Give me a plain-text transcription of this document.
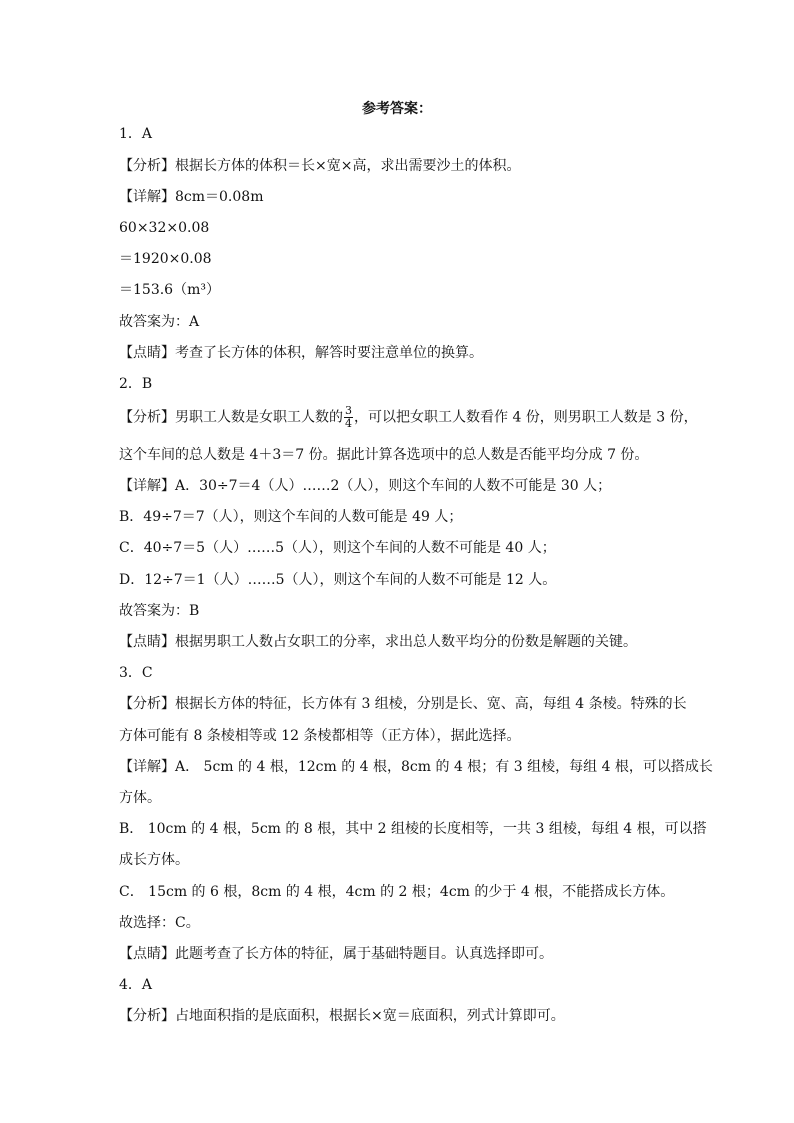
参考答案：
1．A
【分析】根据长方体的体积＝长×宽×高，求出需要沙土的体积。
【详解】8cm＝0.08m
60×32×0.08
＝1920×0.08
＝153.6（m³）
故答案为：A
【点睛】考查了长方体的体积，解答时要注意单位的换算。
2．B
【分析】男职工人数是女职工人数的 $\frac{3}{4}$ ，可以把女职工人数看作 4 份，则男职工人数是 3 份，
这个车间的总人数是 4＋3＝7 份。据此计算各选项中的总人数是否能平均分成 7 份。
【详解】A．30÷7＝4（人）……2（人），则这个车间的人数不可能是 30 人；
B．49÷7＝7（人），则这个车间的人数可能是 49 人；
C．40÷7＝5（人）……5（人），则这个车间的人数不可能是 40 人；
D．12÷7＝1（人）……5（人），则这个车间的人数不可能是 12 人。
故答案为：B
【点睛】根据男职工人数占女职工的分率，求出总人数平均分的份数是解题的关键。
3．C
【分析】根据长方体的特征，长方体有 3 组棱，分别是长、宽、高，每组 4 条棱。特殊的长
方体可能有 8 条棱相等或 12 条棱都相等（正方体），据此选择。
【详解】A． 5cm 的 4 根，12cm 的 4 根，8cm 的 4 根；有 3 组棱，每组 4 根，可以搭成长
方体。
B． 10cm 的 4 根，5cm 的 8 根，其中 2 组棱的长度相等，一共 3 组棱，每组 4 根，可以搭
成长方体。
C． 15cm 的 6 根，8cm 的 4 根，4cm 的 2 根；4cm 的少于 4 根，不能搭成长方体。
故选择：C。
【点睛】此题考查了长方体的特征，属于基础特题目。认真选择即可。
4．A
【分析】占地面积指的是底面积，根据长×宽＝底面积，列式计算即可。
